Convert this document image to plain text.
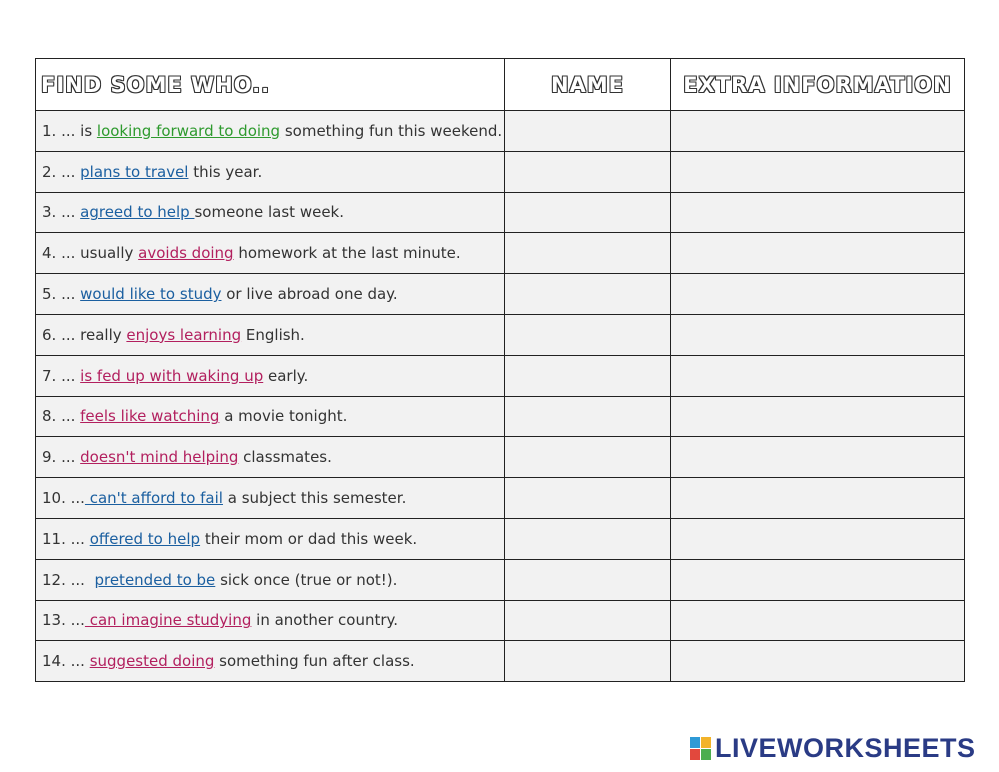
FIND SOME WHO..	NAME	EXTRA INFORMATION
1. ... is looking forward to doing something fun this weekend.		
2. ... plans to travel this year.		
3. ... agreed to help someone last week.		
4. ... usually avoids doing homework at the last minute.		
5. ... would like to study or live abroad one day.		
6. ... really enjoys learning English.		
7. ... is fed up with waking up early.		
8. ... feels like watching a movie tonight.		
9. ... doesn't mind helping classmates.		
10. ... can't afford to fail a subject this semester.		
11. ... offered to help their mom or dad this week.		
12. ...  pretended to be sick once (true or not!).		
13. ... can imagine studying in another country.		
14. ... suggested doing something fun after class.		
LIVEWORKSHEETS
